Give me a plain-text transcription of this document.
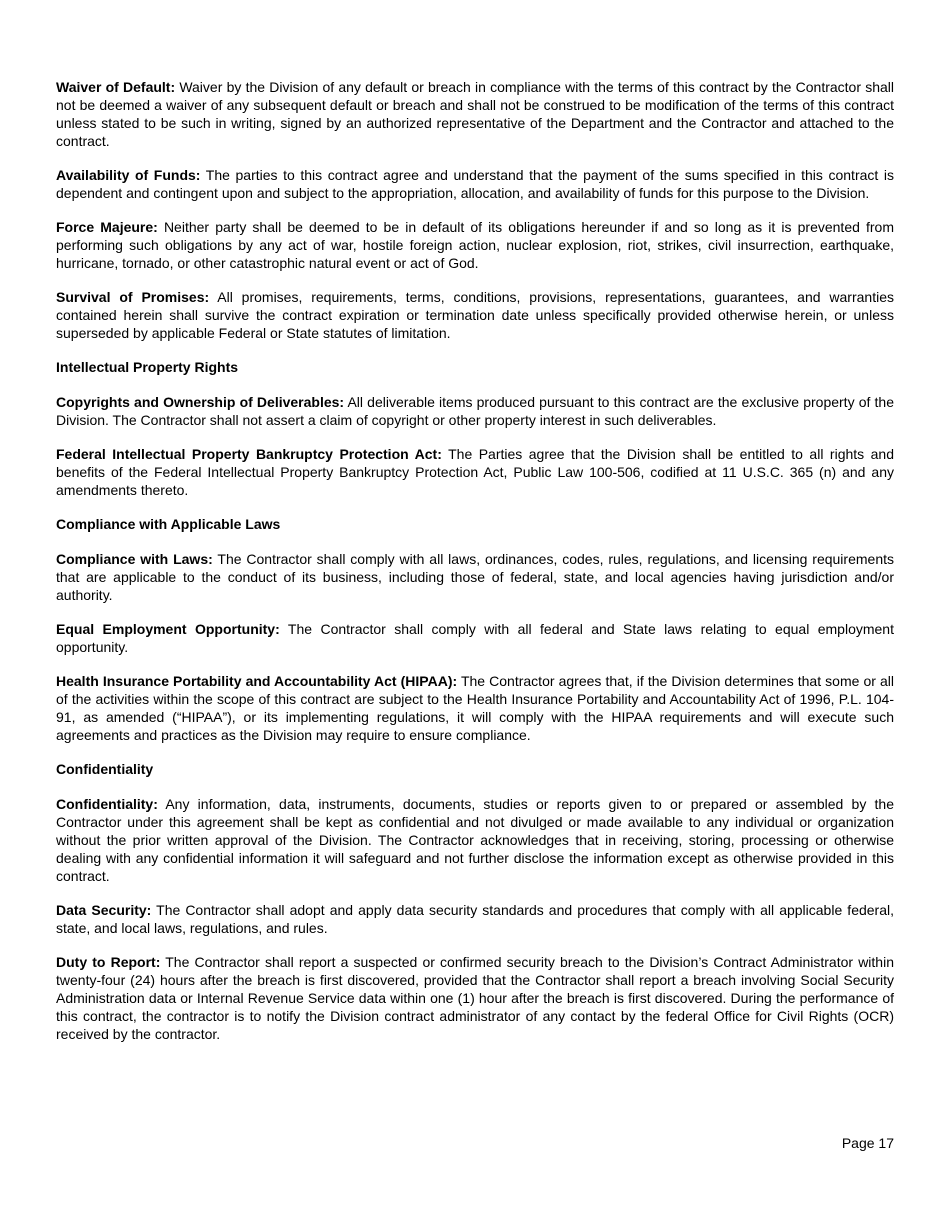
Waiver of Default: Waiver by the Division of any default or breach in compliance with the terms of this contract by the Contractor shall not be deemed a waiver of any subsequent default or breach and shall not be construed to be modification of the terms of this contract unless stated to be such in writing, signed by an authorized representative of the Department and the Contractor and attached to the contract.

Availability of Funds: The parties to this contract agree and understand that the payment of the sums specified in this contract is dependent and contingent upon and subject to the appropriation, allocation, and availability of funds for this purpose to the Division.

Force Majeure: Neither party shall be deemed to be in default of its obligations hereunder if and so long as it is prevented from performing such obligations by any act of war, hostile foreign action, nuclear explosion, riot, strikes, civil insurrection, earthquake, hurricane, tornado, or other catastrophic natural event or act of God.

Survival of Promises: All promises, requirements, terms, conditions, provisions, representations, guarantees, and warranties contained herein shall survive the contract expiration or termination date unless specifically provided otherwise herein, or unless superseded by applicable Federal or State statutes of limitation.

Intellectual Property Rights

Copyrights and Ownership of Deliverables: All deliverable items produced pursuant to this contract are the exclusive property of the Division. The Contractor shall not assert a claim of copyright or other property interest in such deliverables.

Federal Intellectual Property Bankruptcy Protection Act: The Parties agree that the Division shall be entitled to all rights and benefits of the Federal Intellectual Property Bankruptcy Protection Act, Public Law 100-506, codified at 11 U.S.C. 365 (n) and any amendments thereto.

Compliance with Applicable Laws

Compliance with Laws: The Contractor shall comply with all laws, ordinances, codes, rules, regulations, and licensing requirements that are applicable to the conduct of its business, including those of federal, state, and local agencies having jurisdiction and/or authority.

Equal Employment Opportunity: The Contractor shall comply with all federal and State laws relating to equal employment opportunity.

Health Insurance Portability and Accountability Act (HIPAA): The Contractor agrees that, if the Division determines that some or all of the activities within the scope of this contract are subject to the Health Insurance Portability and Accountability Act of 1996, P.L. 104-91, as amended (“HIPAA”), or its implementing regulations, it will comply with the HIPAA requirements and will execute such agreements and practices as the Division may require to ensure compliance.

Confidentiality

Confidentiality: Any information, data, instruments, documents, studies or reports given to or prepared or assembled by the Contractor under this agreement shall be kept as confidential and not divulged or made available to any individual or organization without the prior written approval of the Division. The Contractor acknowledges that in receiving, storing, processing or otherwise dealing with any confidential information it will safeguard and not further disclose the information except as otherwise provided in this contract.

Data Security: The Contractor shall adopt and apply data security standards and procedures that comply with all applicable federal, state, and local laws, regulations, and rules.

Duty to Report: The Contractor shall report a suspected or confirmed security breach to the Division’s Contract Administrator within twenty-four (24) hours after the breach is first discovered, provided that the Contractor shall report a breach involving Social Security Administration data or Internal Revenue Service data within one (1) hour after the breach is first discovered. During the performance of this contract, the contractor is to notify the Division contract administrator of any contact by the federal Office for Civil Rights (OCR) received by the contractor.

Page 17
